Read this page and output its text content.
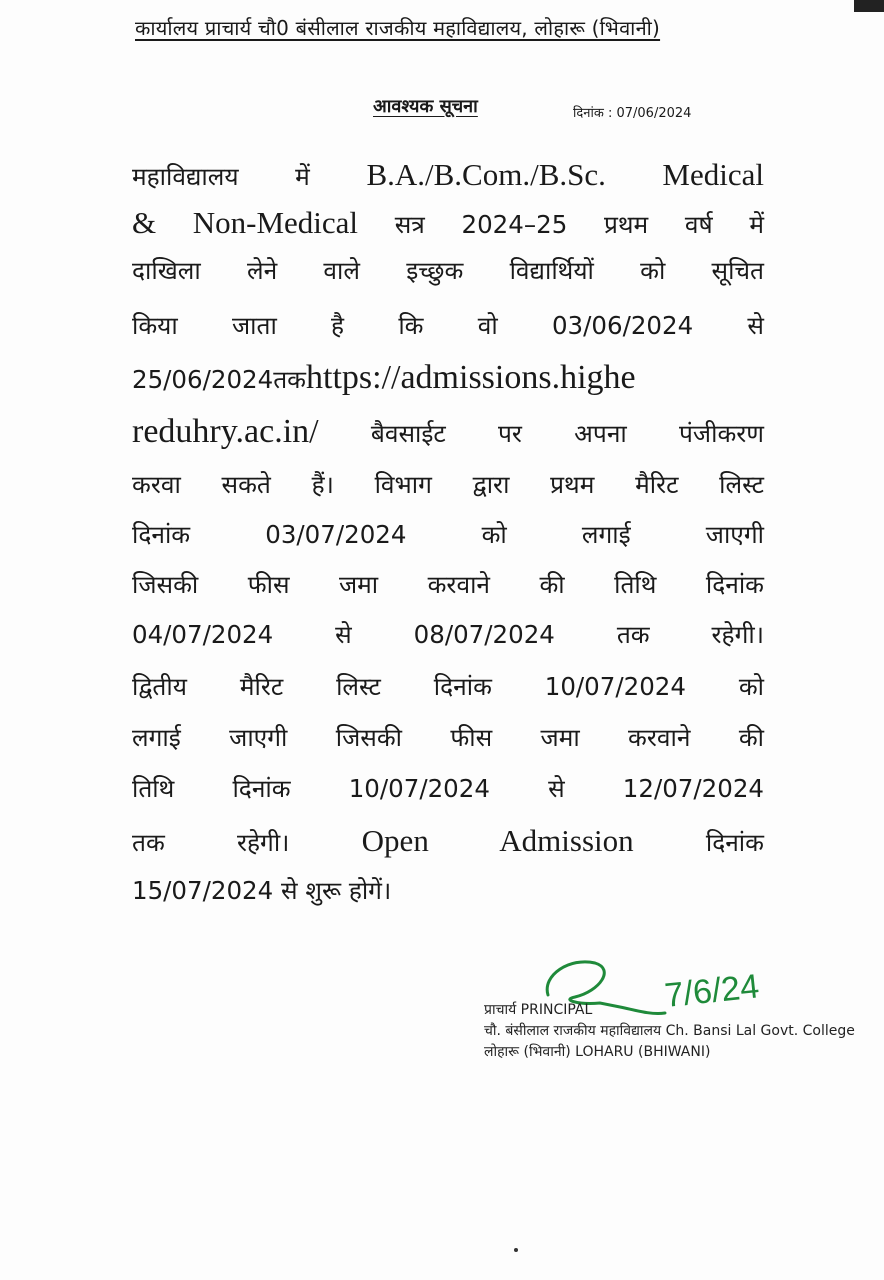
कार्यालय प्राचार्य चौ0 बंसीलाल राजकीय महाविद्यालय, लोहारू (भिवानी)
आवश्यक सूचना	दिनांक : 07/06/2024
महाविद्यालय में B.A./B.Com./B.Sc. Medical
& Non-Medical सत्र 2024–25 प्रथम वर्ष में
दाखिला लेने वाले इच्छुक विद्यार्थियों को सूचित
किया जाता है कि वो 03/06/2024 से
25/06/2024तकhttps://admissions.highe
reduhry.ac.in/ बैवसाईट पर अपना पंजीकरण
करवा सकते हैं। विभाग द्वारा प्रथम मैरिट लिस्ट
दिनांक 03/07/2024 को लगाई जाएगी
जिसकी फीस जमा करवाने की तिथि दिनांक
04/07/2024 से 08/07/2024 तक रहेगी।
द्वितीय मैरिट लिस्ट दिनांक 10/07/2024 को
लगाई जाएगी जिसकी फीस जमा करवाने की
तिथि दिनांक 10/07/2024 से 12/07/2024
तक रहेगी। Open Admission	दिनांक
15/07/2024 से शुरू होगें।
7/6/24
प्राचार्य PRINCIPAL
चौ. बंसीलाल राजकीय महाविद्यालय Ch. Bansi Lal Govt. College
लोहारू (भिवानी) LOHARU (BHIWANI)
